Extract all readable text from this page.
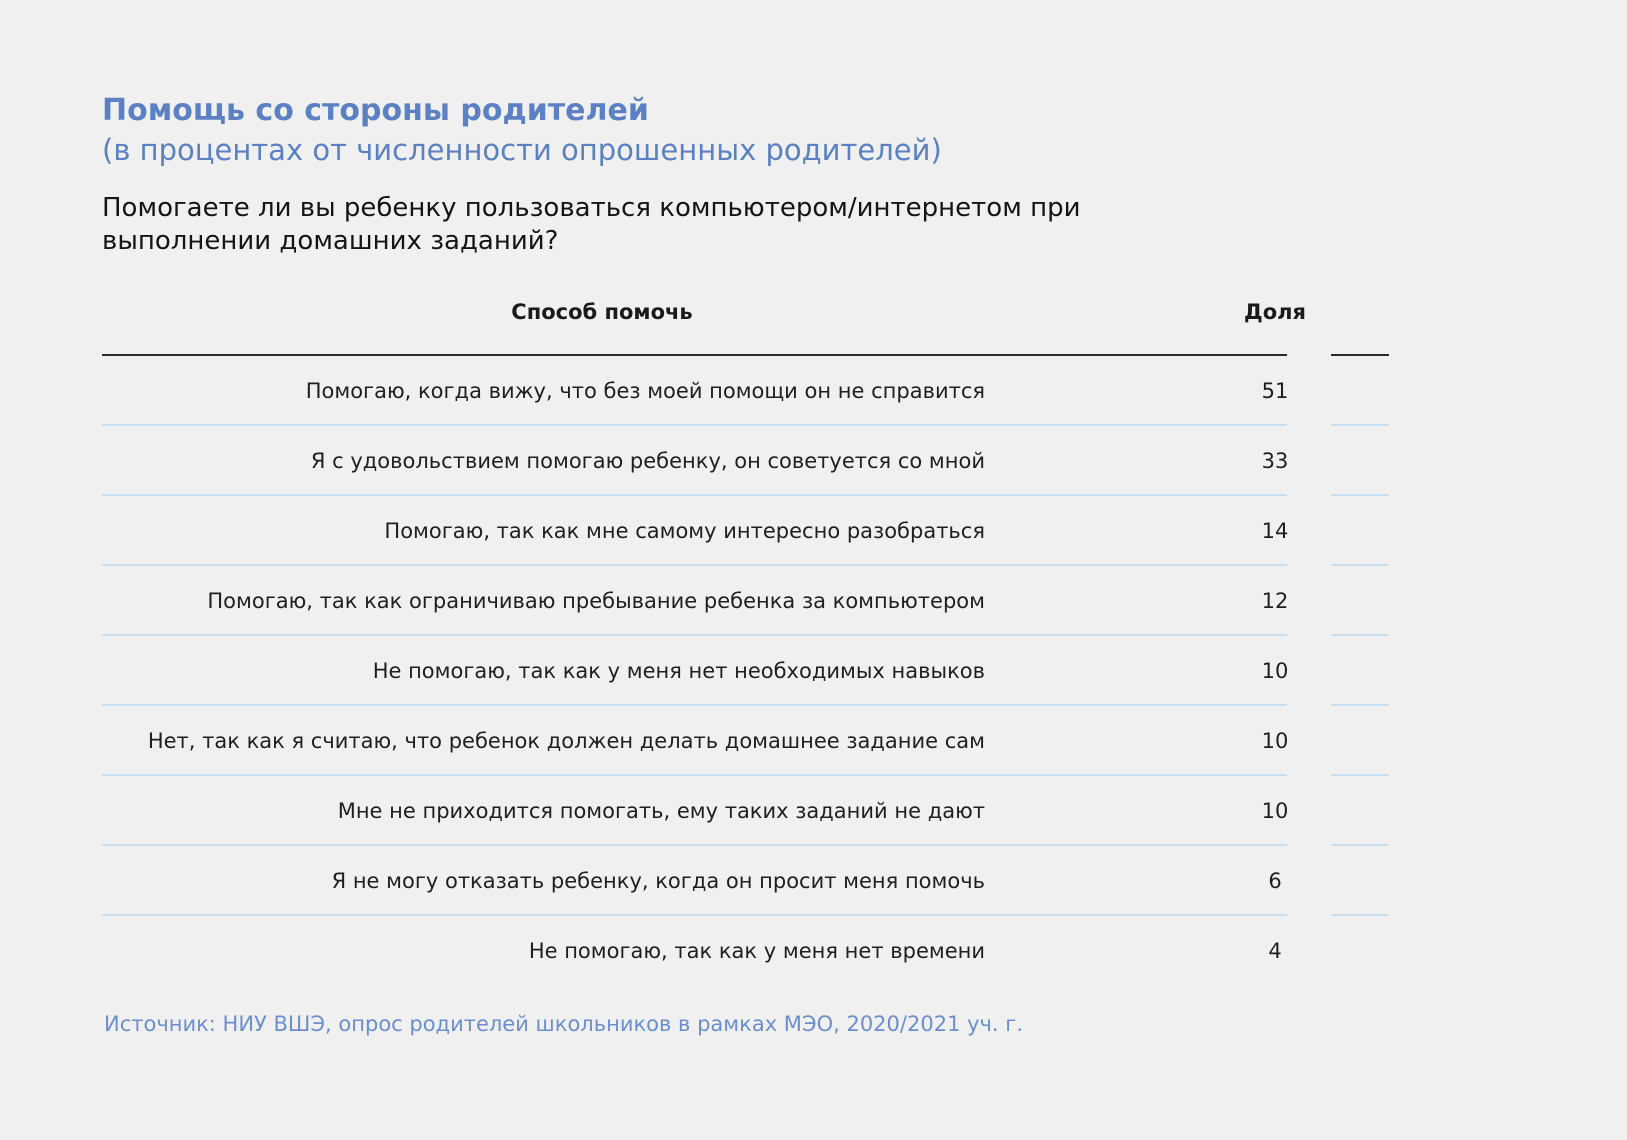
Помощь со стороны родителей
(в процентах от численности опрошенных родителей)

Помогаете ли вы ребенку пользоваться компьютером/интернетом при выполнении домашних заданий?

Способ помочь	Доля
Помогаю, когда вижу, что без моей помощи он не справится	51
Я с удовольствием помогаю ребенку, он советуется со мной	33
Помогаю, так как мне самому интересно разобраться	14
Помогаю, так как ограничиваю пребывание ребенка за компьютером	12
Не помогаю, так как у меня нет необходимых навыков	10
Нет, так как я считаю, что ребенок должен делать домашнее задание сам	10
Мне не приходится помогать, ему таких заданий не дают	10
Я не могу отказать ребенку, когда он просит меня помочь	6
Не помогаю, так как у меня нет времени	4

Источник: НИУ ВШЭ, опрос родителей школьников в рамках МЭО, 2020/2021 уч. г.
